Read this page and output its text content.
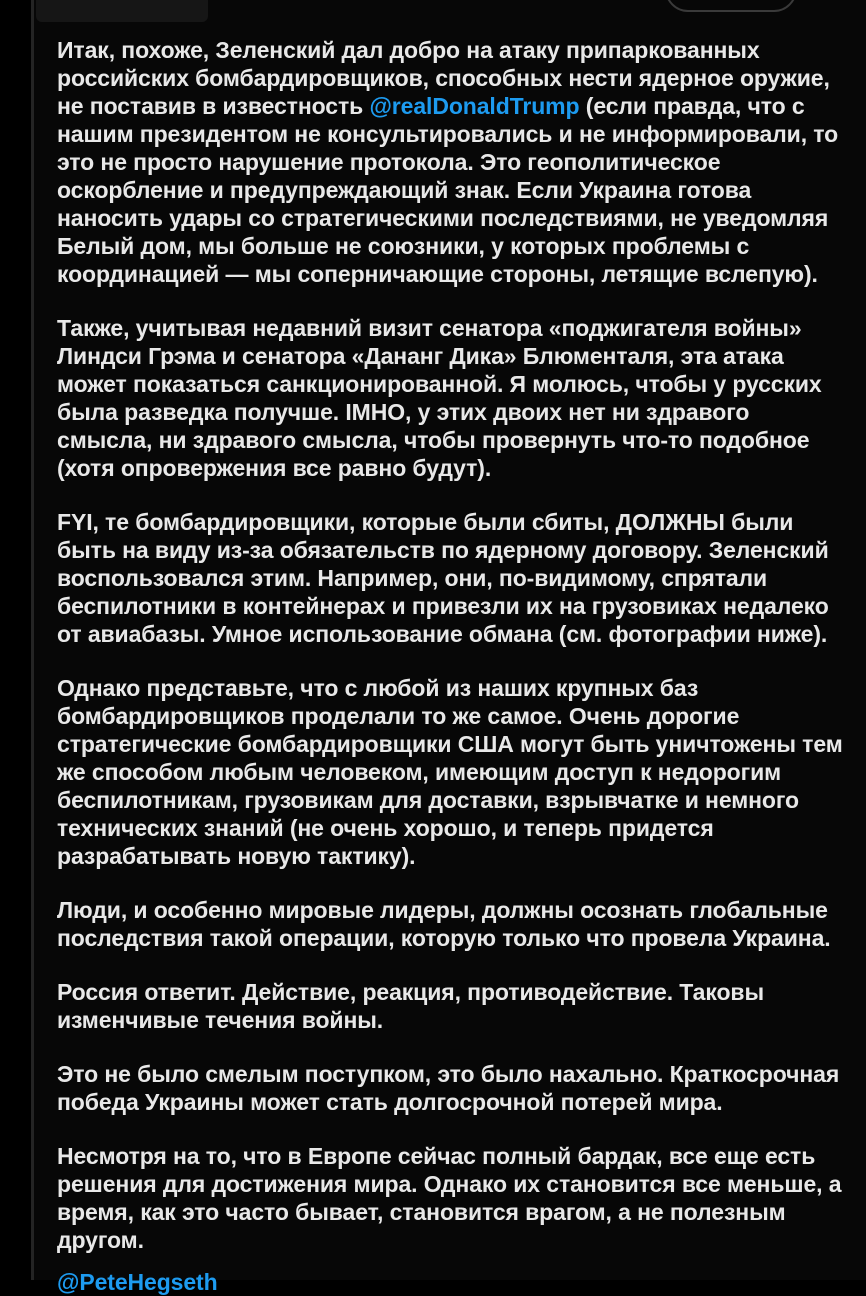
Итак, похоже, Зеленский дал добро на атаку припаркованных российских бомбардировщиков, способных нести ядерное оружие, не поставив в известность @realDonaldTrump (если правда, что с нашим президентом не консультировались и не информировали, то это не просто нарушение протокола. Это геополитическое оскорбление и предупреждающий знак. Если Украина готова наносить удары со стратегическими последствиями, не уведомляя Белый дом, мы больше не союзники, у которых проблемы с координацией — мы соперничающие стороны, летящие вслепую).

Также, учитывая недавний визит сенатора «поджигателя войны» Линдси Грэма и сенатора «Дананг Дика» Блюменталя, эта атака может показаться санкционированной. Я молюсь, чтобы у русских была разведка получше. IMHO, у этих двоих нет ни здравого смысла, ни здравого смысла, чтобы провернуть что-то подобное (хотя опровержения все равно будут).

FYI, те бомбардировщики, которые были сбиты, ДОЛЖНЫ были быть на виду из-за обязательств по ядерному договору. Зеленский воспользовался этим. Например, они, по-видимому, спрятали беспилотники в контейнерах и привезли их на грузовиках недалеко от авиабазы. Умное использование обмана (см. фотографии ниже).

Однако представьте, что с любой из наших крупных баз бомбардировщиков проделали то же самое. Очень дорогие стратегические бомбардировщики США могут быть уничтожены тем же способом любым человеком, имеющим доступ к недорогим беспилотникам, грузовикам для доставки, взрывчатке и немного технических знаний (не очень хорошо, и теперь придется разрабатывать новую тактику).

Люди, и особенно мировые лидеры, должны осознать глобальные последствия такой операции, которую только что провела Украина.

Россия ответит. Действие, реакция, противодействие. Таковы изменчивые течения войны.

Это не было смелым поступком, это было нахально. Краткосрочная победа Украины может стать долгосрочной потерей мира.

Несмотря на то, что в Европе сейчас полный бардак, все еще есть решения для достижения мира. Однако их становится все меньше, а время, как это часто бывает, становится врагом, а не полезным другом.

@PeteHegseth
